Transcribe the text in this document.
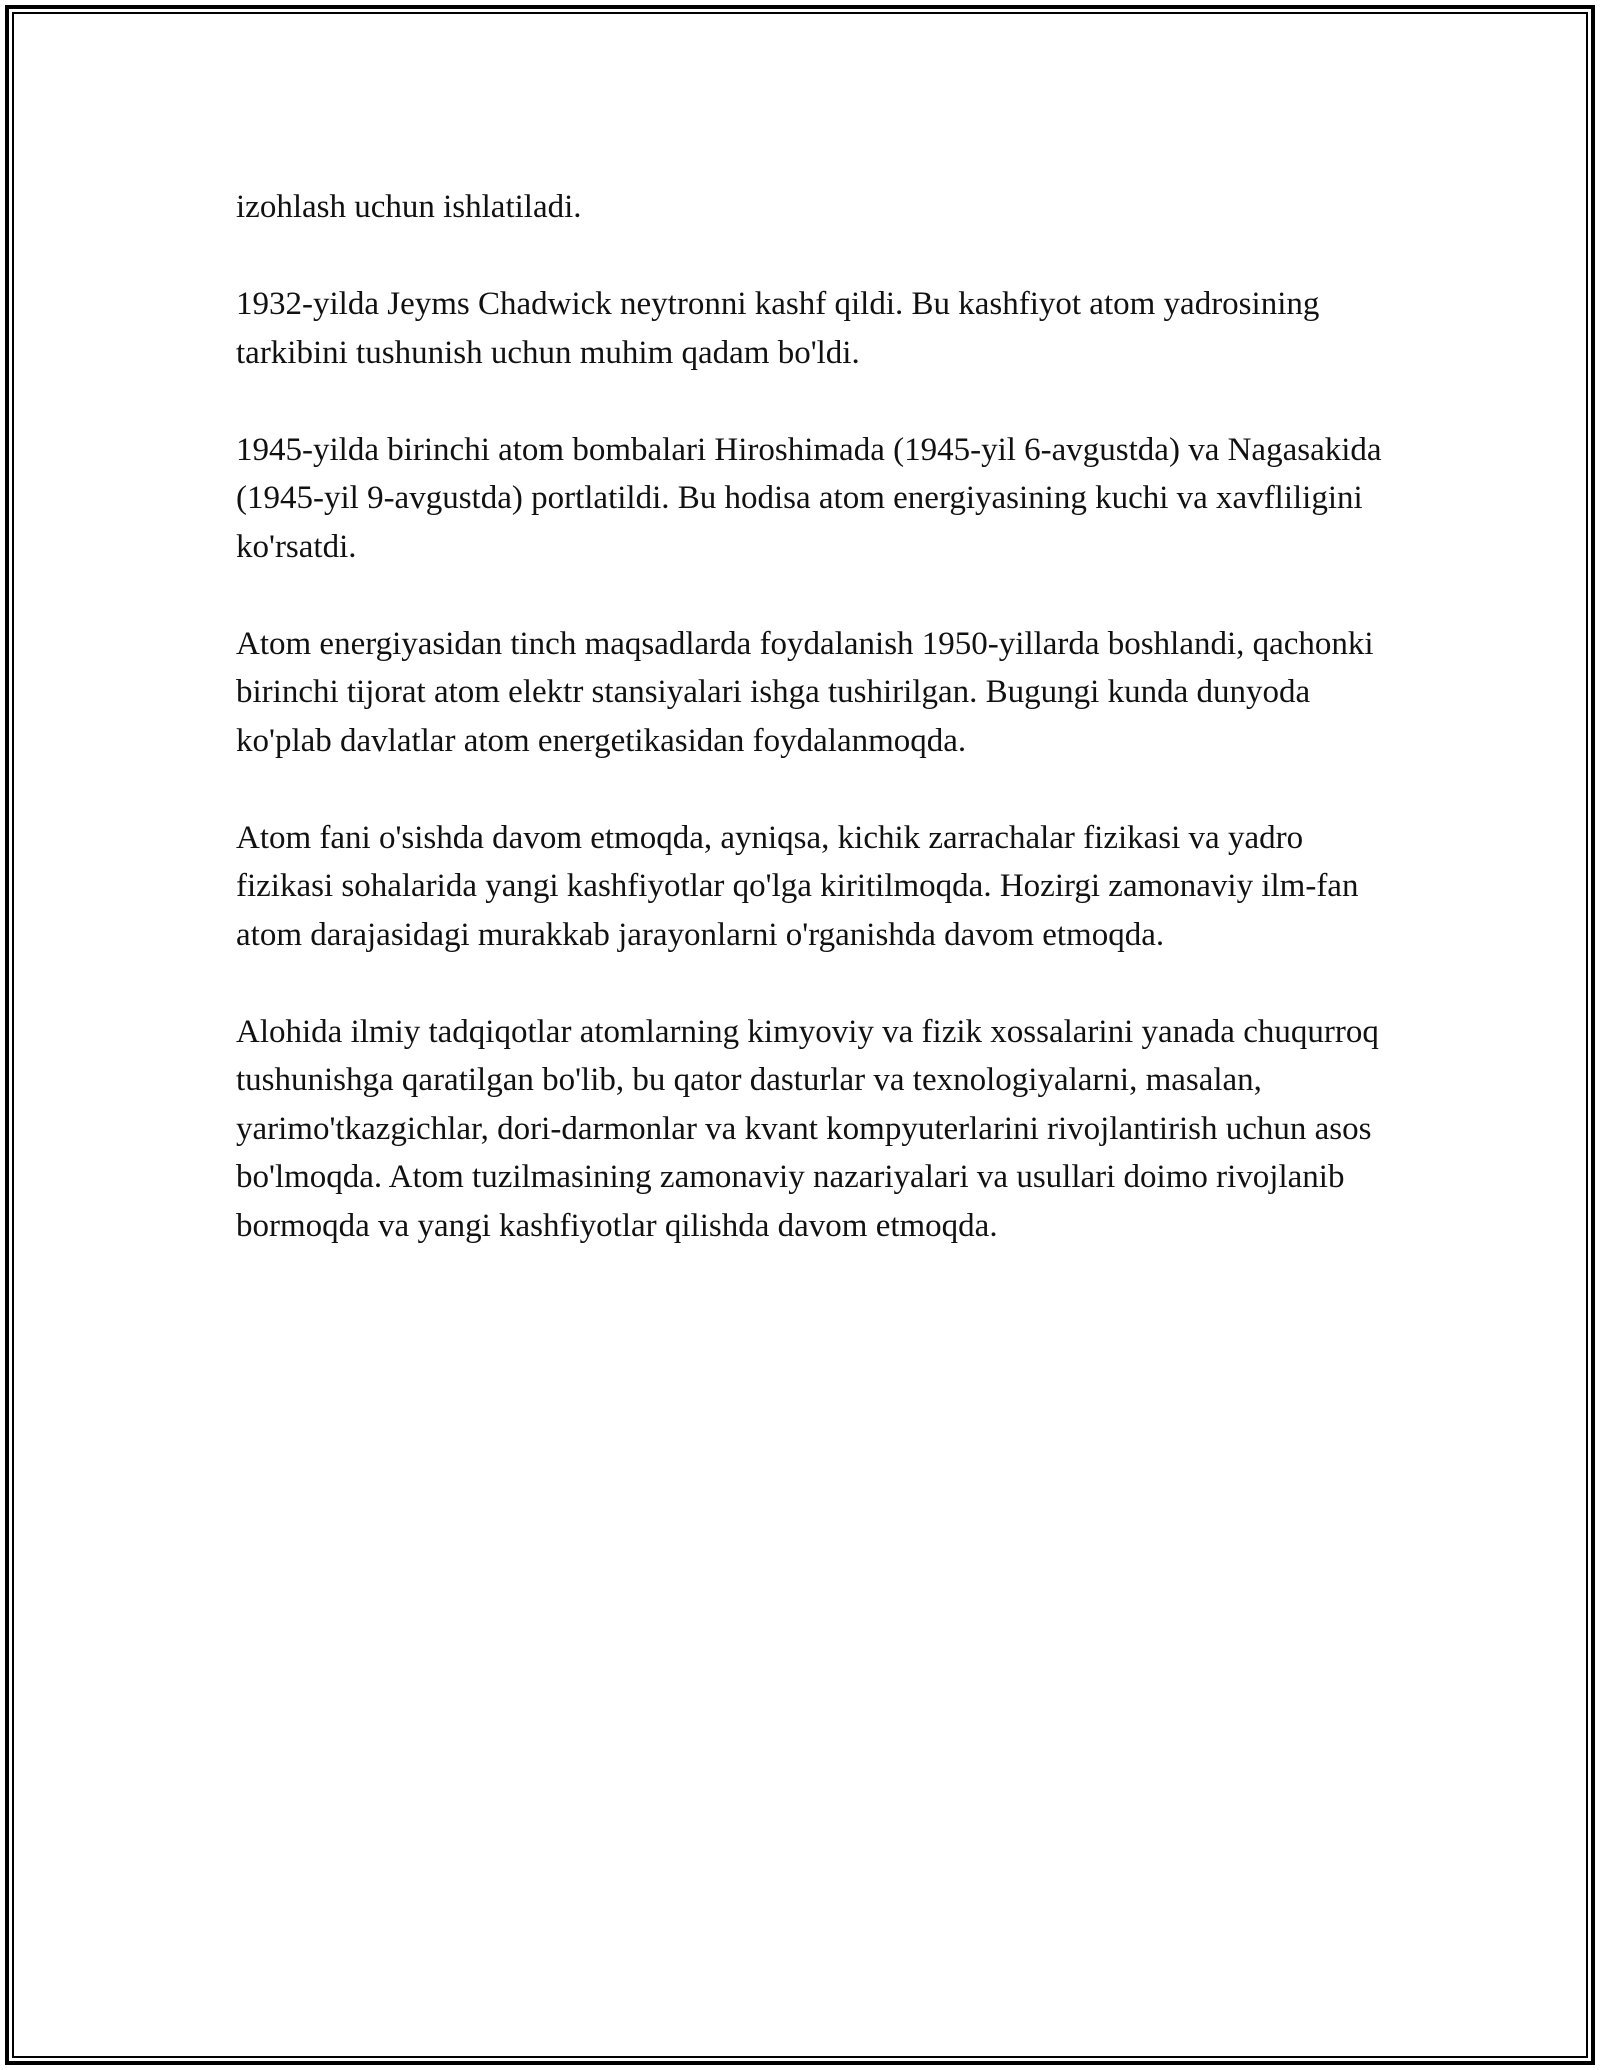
izohlash uchun ishlatiladi.

1932-yilda Jeyms Chadwick neytronni kashf qildi. Bu kashfiyot atom yadrosining tarkibini tushunish uchun muhim qadam bo'ldi.

1945-yilda birinchi atom bombalari Hiroshimada (1945-yil 6-avgustda) va Nagasakida (1945-yil 9-avgustda) portlatildi. Bu hodisa atom energiyasining kuchi va xavfliligini ko'rsatdi.

Atom energiyasidan tinch maqsadlarda foydalanish 1950-yillarda boshlandi, qachonki birinchi tijorat atom elektr stansiyalari ishga tushirilgan. Bugungi kunda dunyoda ko'plab davlatlar atom energetikasidan foydalanmoqda.

Atom fani o'sishda davom etmoqda, ayniqsa, kichik zarrachalar fizikasi va yadro fizikasi sohalarida yangi kashfiyotlar qo'lga kiritilmoqda. Hozirgi zamonaviy ilm-fan atom darajasidagi murakkab jarayonlarni o'rganishda davom etmoqda.

Alohida ilmiy tadqiqotlar atomlarning kimyoviy va fizik xossalarini yanada chuqurroq tushunishga qaratilgan bo'lib, bu qator dasturlar va texnologiyalarni, masalan, yarimo'tkazgichlar, dori-darmonlar va kvant kompyuterlarini rivojlantirish uchun asos bo'lmoqda. Atom tuzilmasining zamonaviy nazariyalari va usullari doimo rivojlanib bormoqda va yangi kashfiyotlar qilishda davom etmoqda.
